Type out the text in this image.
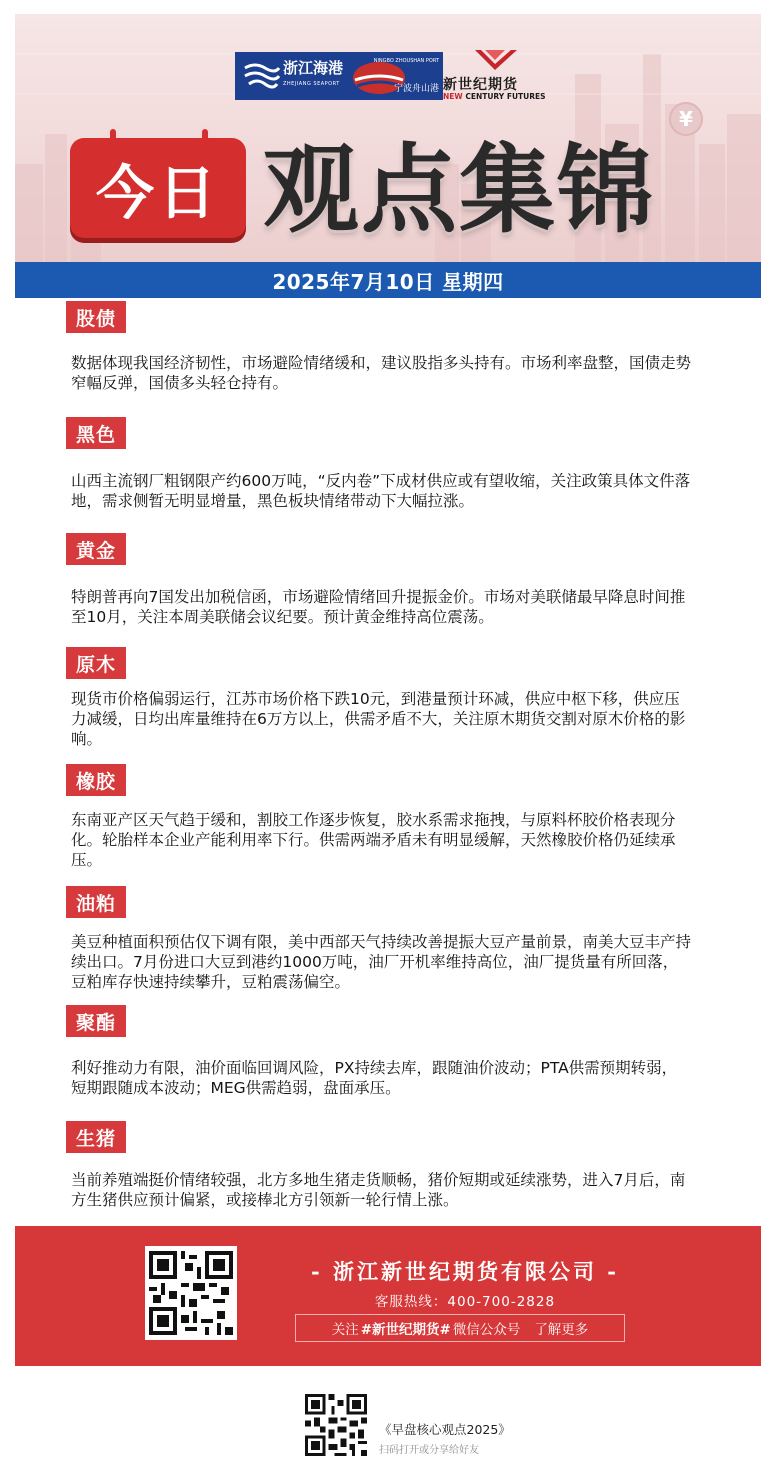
浙江海港
ZHEJIANG SEAPORT
NINGBO ZHOUSHAN PORT
宁波舟山港 新世纪期货
NEW CENTURY FUTURES
今日 观点集锦
¥
2025年7月10日 星期四
股债
数据体现我国经济韧性，市场避险情绪缓和，建议股指多头持有。市场利率盘整，国债走势窄幅反弹，国债多头轻仓持有。
黑色
山西主流钢厂粗钢限产约600万吨，“反内卷”下成材供应或有望收缩，关注政策具体文件落地，需求侧暂无明显增量，黑色板块情绪带动下大幅拉涨。
黄金
特朗普再向7国发出加税信函，市场避险情绪回升提振金价。市场对美联储最早降息时间推至10月，关注本周美联储会议纪要。预计黄金维持高位震荡。
原木
现货市价格偏弱运行，江苏市场价格下跌10元，到港量预计环减，供应中枢下移，供应压力减缓，日均出库量维持在6万方以上，供需矛盾不大，关注原木期货交割对原木价格的影响。
橡胶
东南亚产区天气趋于缓和，割胶工作逐步恢复，胶水系需求拖拽，与原料杯胶价格表现分化。轮胎样本企业产能利用率下行。供需两端矛盾未有明显缓解，天然橡胶价格仍延续承压。
油粕
美豆种植面积预估仅下调有限，美中西部天气持续改善提振大豆产量前景，南美大豆丰产持续出口。7月份进口大豆到港约1000万吨，油厂开机率维持高位，油厂提货量有所回落，豆粕库存快速持续攀升，豆粕震荡偏空。
聚酯
利好推动力有限，油价面临回调风险，PX持续去库，跟随油价波动；PTA供需预期转弱，短期跟随成本波动；MEG供需趋弱，盘面承压。
生猪
当前养殖端挺价情绪较强，北方多地生猪走货顺畅，猪价短期或延续涨势，进入7月后，南方生猪供应预计偏紧，或接棒北方引领新一轮行情上涨。
- 浙江新世纪期货有限公司 -
客服热线：400-700-2828
关注 #新世纪期货# 微信公众号 了解更多
《早盘核心观点2025》
扫码打开或分享给好友
